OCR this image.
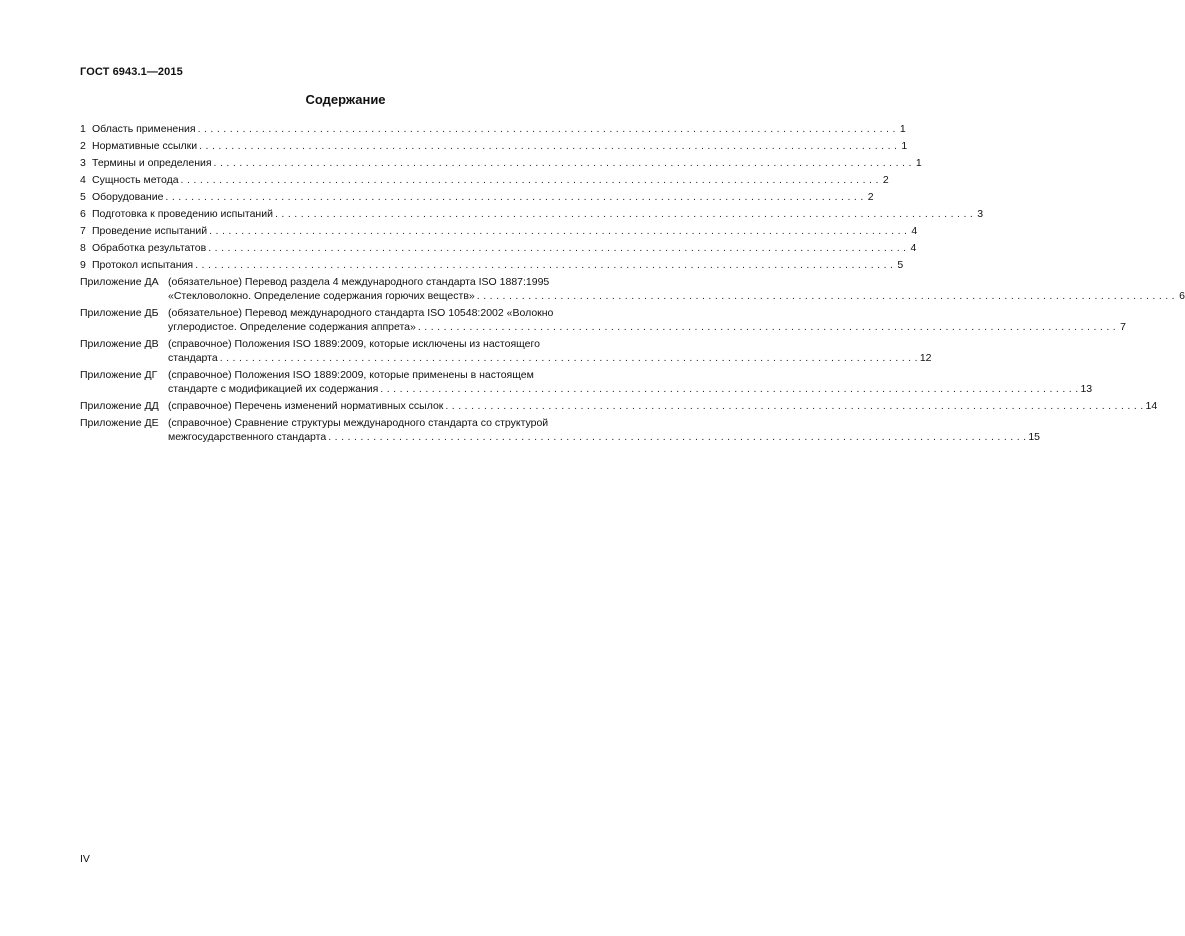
ГОСТ 6943.1—2015
Содержание
1 Область применения . . .	1
2 Нормативные ссылки . . .	1
3 Термины и определения . . .	1
4 Сущность метода . . .	2
5 Оборудование . . .	2
6 Подготовка к проведению испытаний . . .	3
7 Проведение испытаний . . .	4
8 Обработка результатов . . .	4
9 Протокол испытания . . .	5
Приложение ДА (обязательное) Перевод раздела 4 международного стандарта ISO 1887:1995
«Стекловолокно. Определение содержания горючих веществ» . . .	6
Приложение ДБ (обязательное) Перевод международного стандарта ISO 10548:2002 «Волокно
углеродистое. Определение содержания аппрета» . . .	7
Приложение ДВ (справочное) Положения ISO 1889:2009, которые исключены из настоящего
стандарта . . .	12
Приложение ДГ	(справочное) Положения ISO 1889:2009, которые применены в настоящем
стандарте с модификацией их содержания . . .	13
Приложение ДД (справочное) Перечень изменений нормативных ссылок . . .	14
Приложение ДЕ (справочное) Сравнение структуры международного стандарта со структурой
межгосударственного стандарта . . .	15
IV
